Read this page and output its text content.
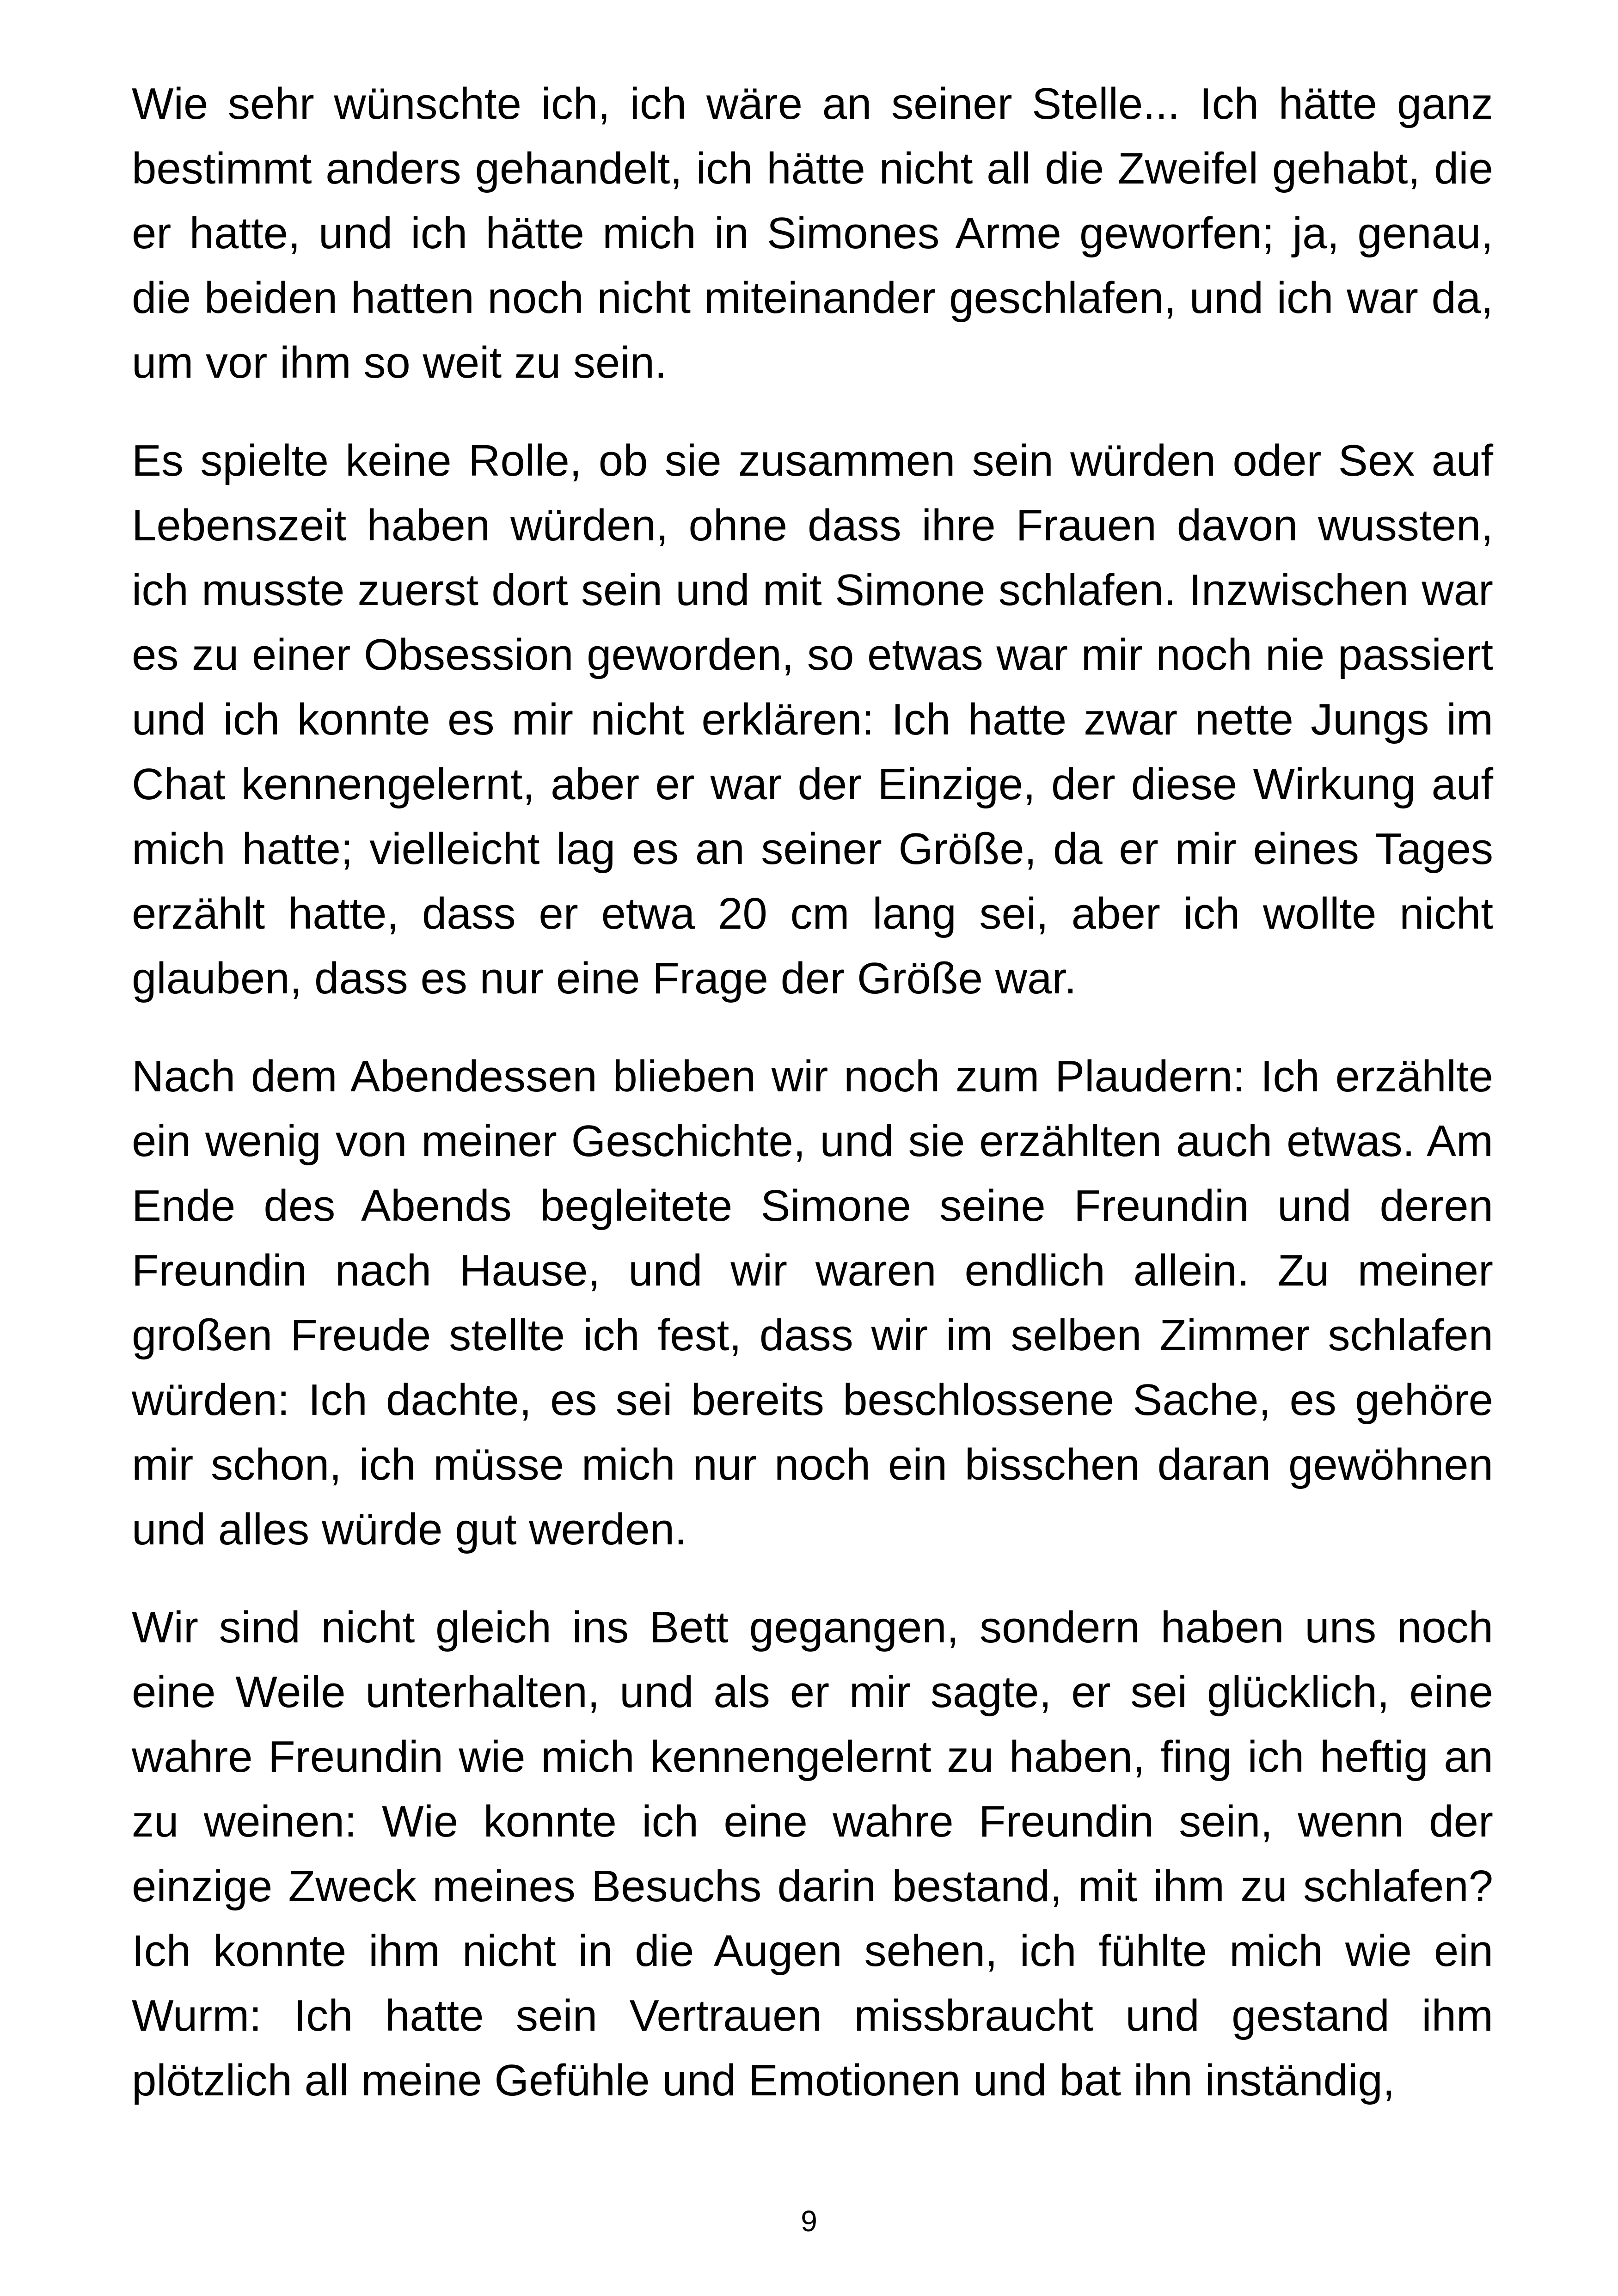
Wie sehr wünschte ich, ich wäre an seiner Stelle... Ich hätte ganz bestimmt anders gehandelt, ich hätte nicht all die Zweifel gehabt, die er hatte, und ich hätte mich in Simones Arme geworfen; ja, genau, die beiden hatten noch nicht miteinander geschlafen, und ich war da, um vor ihm so weit zu sein.

Es spielte keine Rolle, ob sie zusammen sein würden oder Sex auf Lebenszeit haben würden, ohne dass ihre Frauen davon wussten, ich musste zuerst dort sein und mit Simone schlafen. Inzwischen war es zu einer Obsession geworden, so etwas war mir noch nie passiert und ich konnte es mir nicht erklären: Ich hatte zwar nette Jungs im Chat kennengelernt, aber er war der Einzige, der diese Wirkung auf mich hatte; vielleicht lag es an seiner Größe, da er mir eines Tages erzählt hatte, dass er etwa 20 cm lang sei, aber ich wollte nicht glauben, dass es nur eine Frage der Größe war.

Nach dem Abendessen blieben wir noch zum Plaudern: Ich erzählte ein wenig von meiner Geschichte, und sie erzählten auch etwas. Am Ende des Abends begleitete Simone seine Freundin und deren Freundin nach Hause, und wir waren endlich allein. Zu meiner großen Freude stellte ich fest, dass wir im selben Zimmer schlafen würden: Ich dachte, es sei bereits beschlossene Sache, es gehöre mir schon, ich müsse mich nur noch ein bisschen daran gewöhnen und alles würde gut werden.

Wir sind nicht gleich ins Bett gegangen, sondern haben uns noch eine Weile unterhalten, und als er mir sagte, er sei glücklich, eine wahre Freundin wie mich kennengelernt zu haben, fing ich heftig an zu weinen: Wie konnte ich eine wahre Freundin sein, wenn der einzige Zweck meines Besuchs darin bestand, mit ihm zu schlafen? Ich konnte ihm nicht in die Augen sehen, ich fühlte mich wie ein Wurm: Ich hatte sein Vertrauen missbraucht und gestand ihm plötzlich all meine Gefühle und Emotionen und bat ihn inständig,

9
